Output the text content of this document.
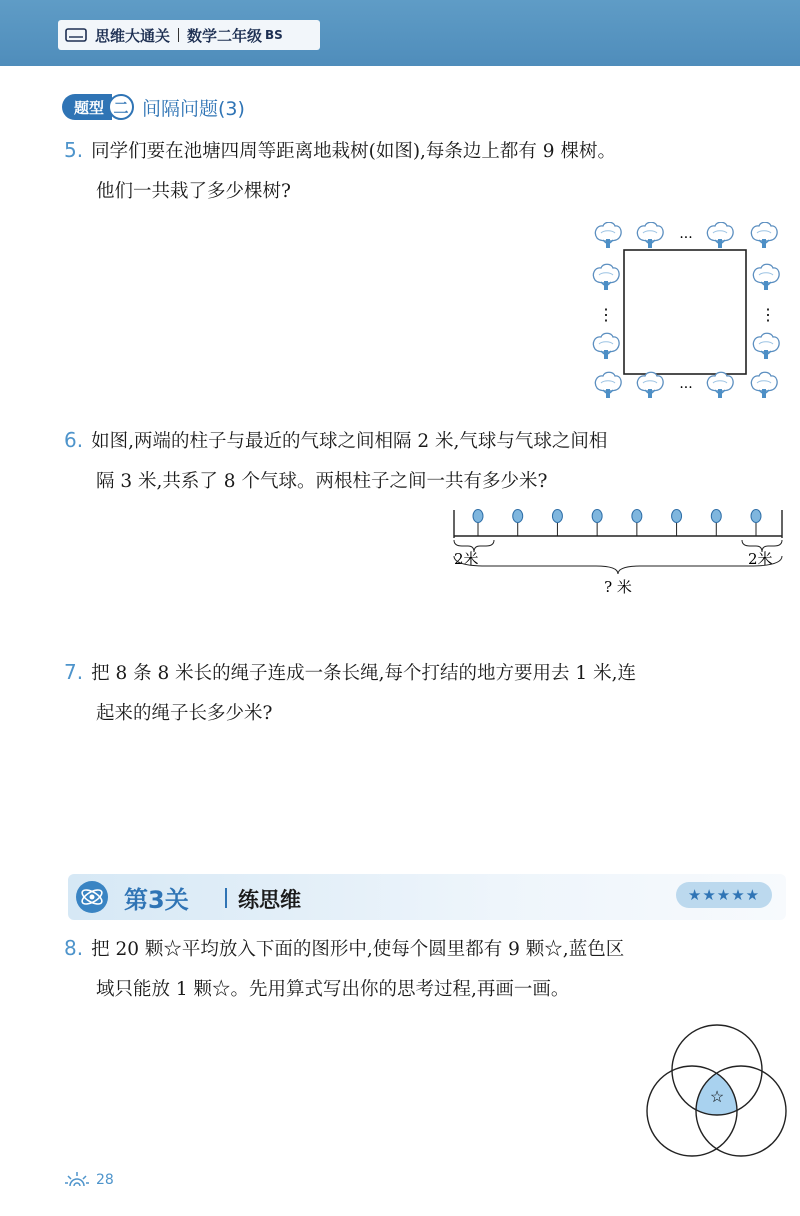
思维大通关 数学二年级 BS
题型 二 间隔问题(3)
5. 同学们要在池塘四周等距离地栽树(如图),每条边上都有 9 棵树。
他们一共栽了多少棵树?
···
···
⋮	⋮
6. 如图,两端的柱子与最近的气球之间相隔 2 米,气球与气球之间相
隔 3 米,共系了 8 个气球。两根柱子之间一共有多少米?
2米	2米
? 米
7. 把 8 条 8 米长的绳子连成一条长绳,每个打结的地方要用去 1 米,连
起来的绳子长多少米?
第3关 练思维	★★★★★
8. 把 20 颗☆平均放入下面的图形中,使每个圆里都有 9 颗☆,蓝色区
域只能放 1 颗☆。先用算式写出你的思考过程,再画一画。
☆
28
